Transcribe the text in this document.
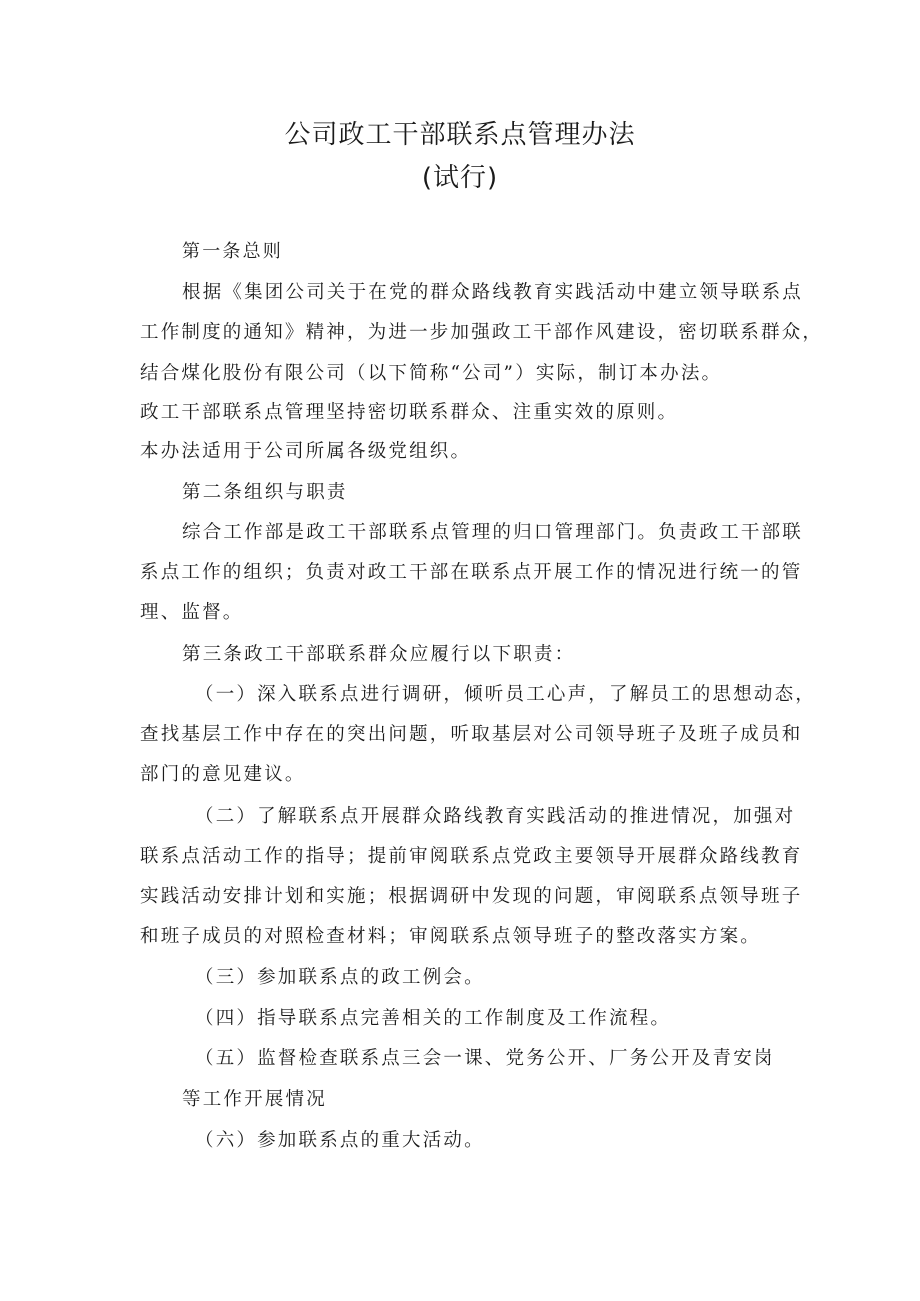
公司政工干部联系点管理办法
(试行)
第一条总则
根据《集团公司关于在党的群众路线教育实践活动中建立领导联系点
工作制度的通知》精神，为进一步加强政工干部作风建设，密切联系群众，
结合煤化股份有限公司（以下简称“公司”）实际，制订本办法。
政工干部联系点管理坚持密切联系群众、注重实效的原则。
本办法适用于公司所属各级党组织。
第二条组织与职责
综合工作部是政工干部联系点管理的归口管理部门。负责政工干部联
系点工作的组织；负责对政工干部在联系点开展工作的情况进行统一的管
理、监督。
第三条政工干部联系群众应履行以下职责：
（一）深入联系点进行调研，倾听员工心声，了解员工的思想动态，
查找基层工作中存在的突出问题，听取基层对公司领导班子及班子成员和
部门的意见建议。
（二）了解联系点开展群众路线教育实践活动的推进情况，加强对
联系点活动工作的指导；提前审阅联系点党政主要领导开展群众路线教育
实践活动安排计划和实施；根据调研中发现的问题，审阅联系点领导班子
和班子成员的对照检查材料；审阅联系点领导班子的整改落实方案。
（三）参加联系点的政工例会。
（四）指导联系点完善相关的工作制度及工作流程。
（五）监督检查联系点三会一课、党务公开、厂务公开及青安岗
等工作开展情况
（六）参加联系点的重大活动。
